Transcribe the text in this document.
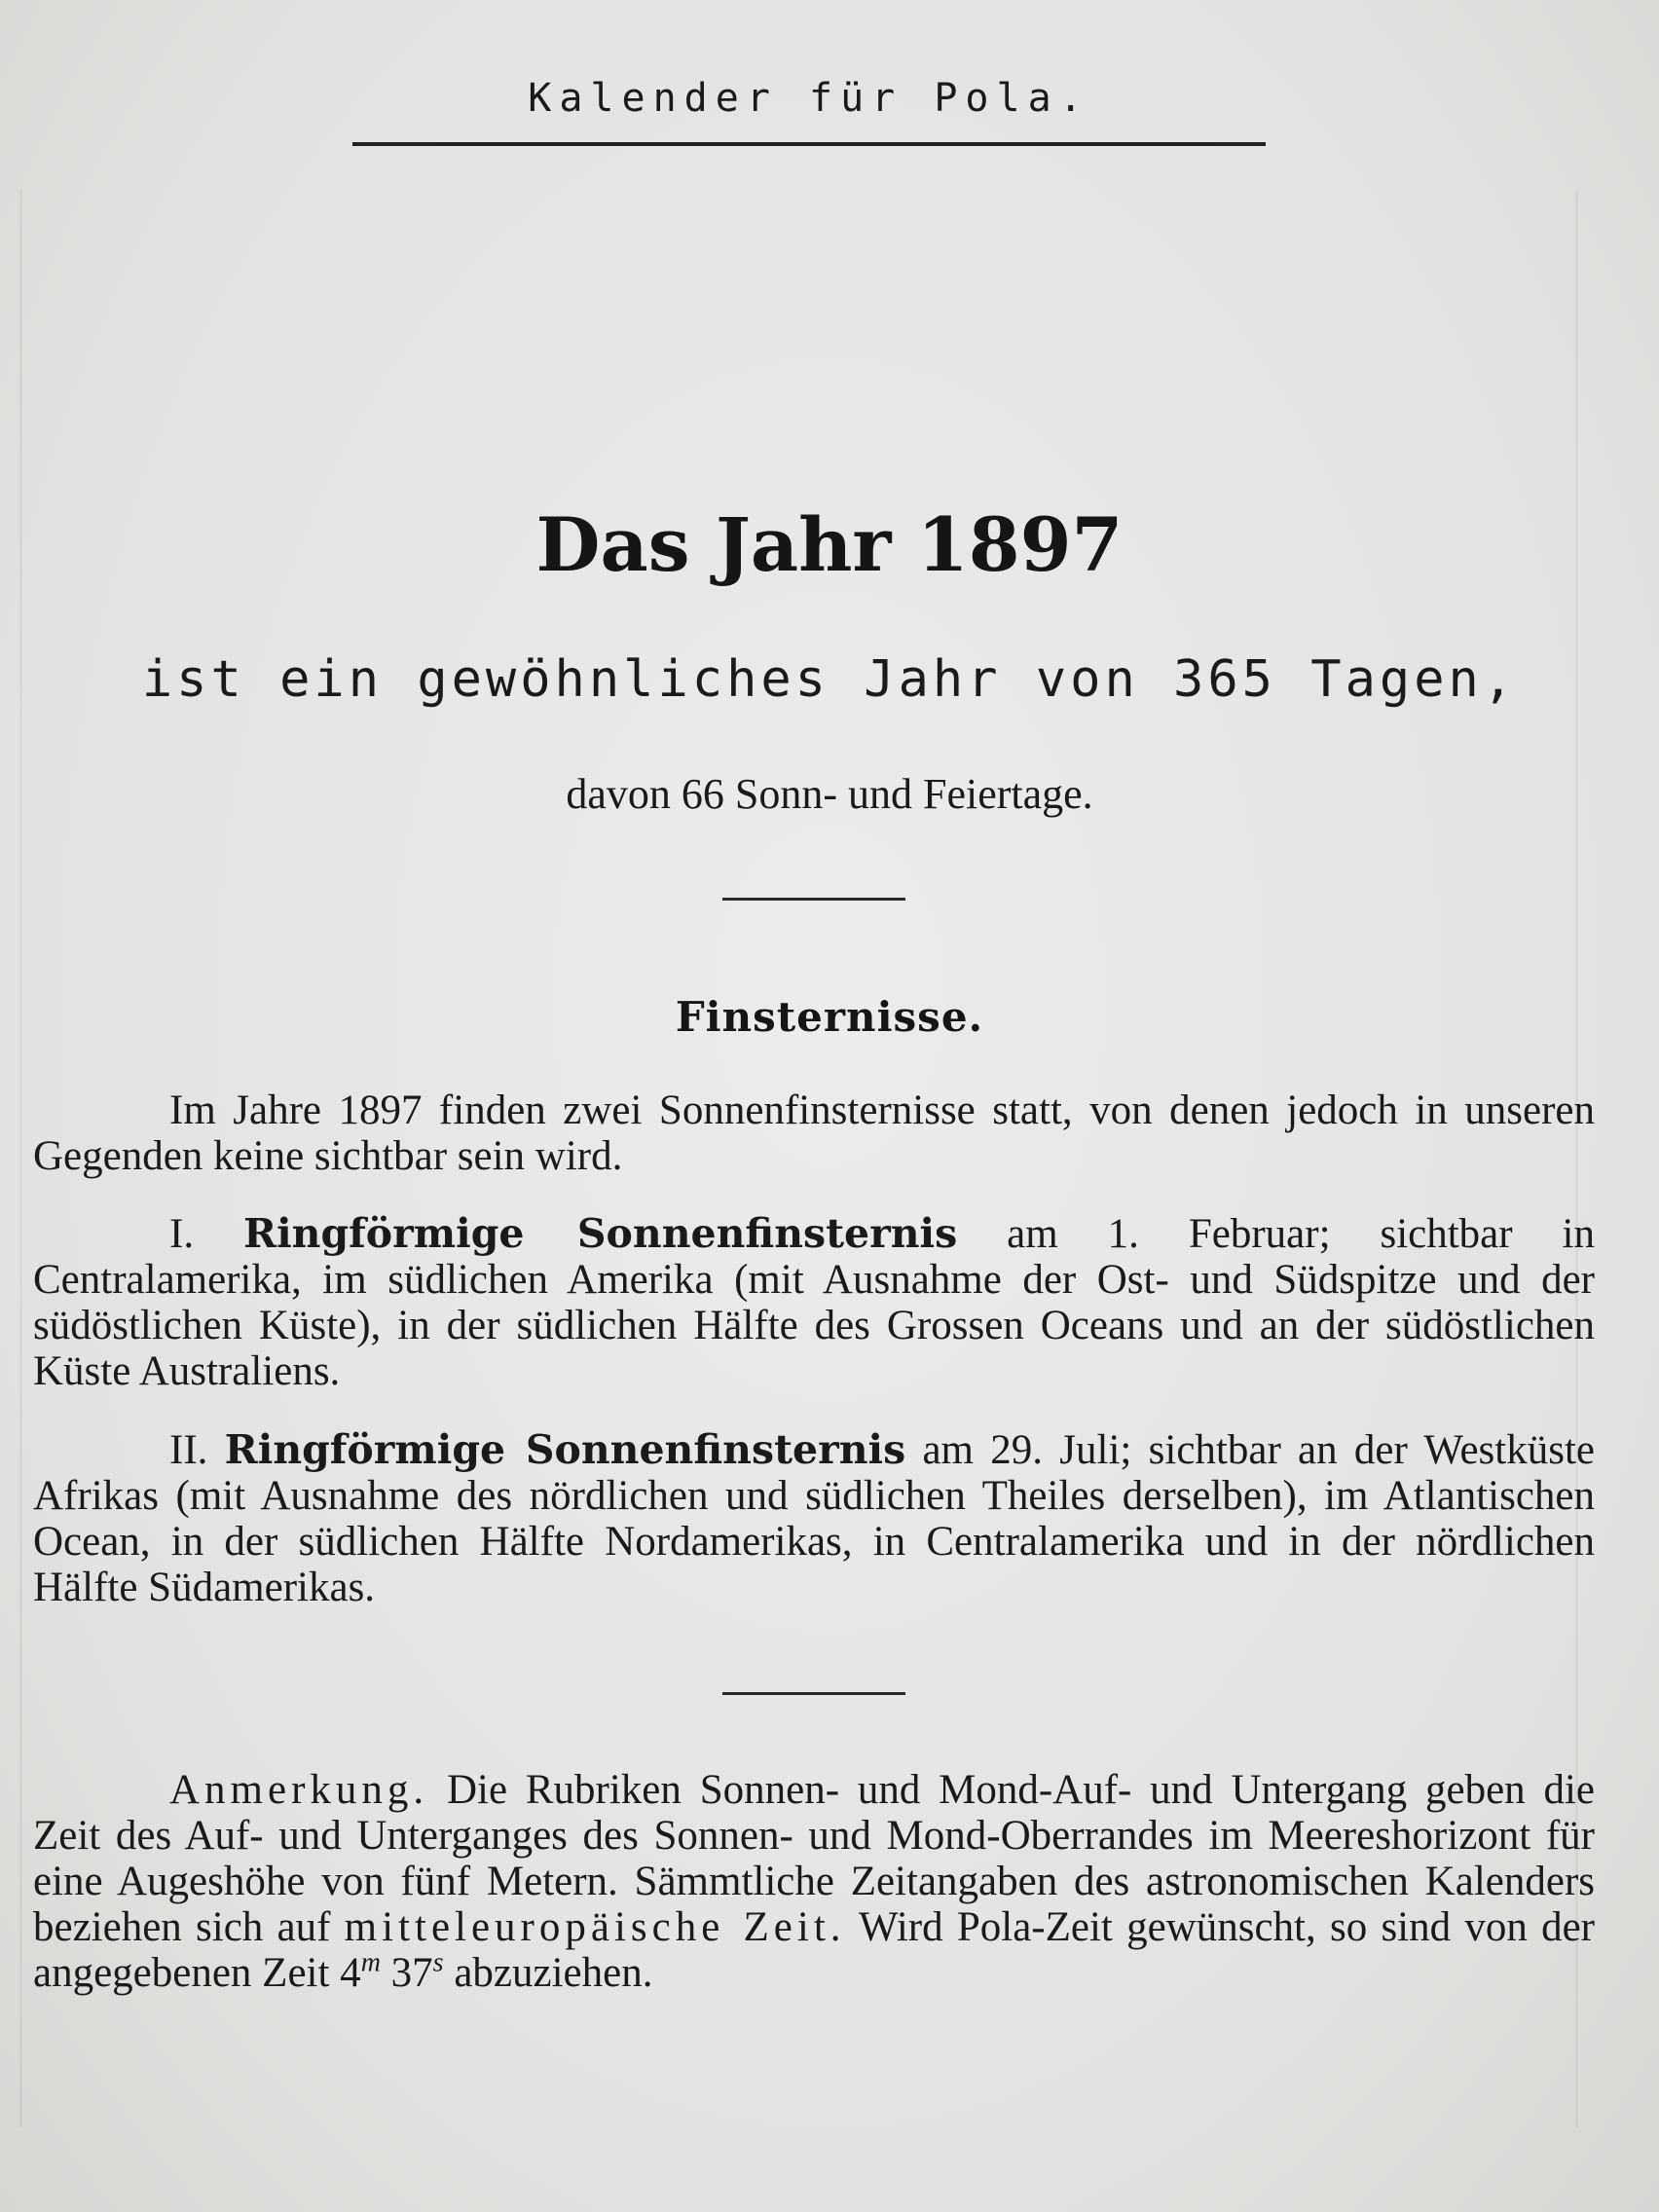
Kalender für Pola.
Das Jahr 1897
ist ein gewöhnliches Jahr von 365 Tagen,
davon 66 Sonn- und Feiertage.
Finsternisse.

Im Jahre 1897 finden zwei Sonnenfinsternisse statt, von denen jedoch in unseren Gegenden keine sichtbar sein wird.

I. Ringförmige Sonnenfinsternis am 1. Februar; sichtbar in Centralamerika, im südlichen Amerika (mit Ausnahme der Ost- und Südspitze und der südöstlichen Küste), in der südlichen Hälfte des Grossen Oceans und an der südöstlichen Küste Australiens.

II. Ringförmige Sonnenfinsternis am 29. Juli; sichtbar an der Westküste Afrikas (mit Ausnahme des nördlichen und südlichen Theiles derselben), im Atlantischen Ocean, in der südlichen Hälfte Nordamerikas, in Centralamerika und in der nördlichen Hälfte Südamerikas.

Anmerkung. Die Rubriken Sonnen- und Mond-Auf- und Untergang geben die Zeit des Auf- und Unterganges des Sonnen- und Mond-Oberrandes im Meereshorizont für eine Augeshöhe von fünf Metern. Sämmtliche Zeitangaben des astronomischen Kalenders beziehen sich auf mitteleuropäische Zeit. Wird Pola-Zeit gewünscht, so sind von der angegebenen Zeit 4$^m$ 37$^s$ abzuziehen.
